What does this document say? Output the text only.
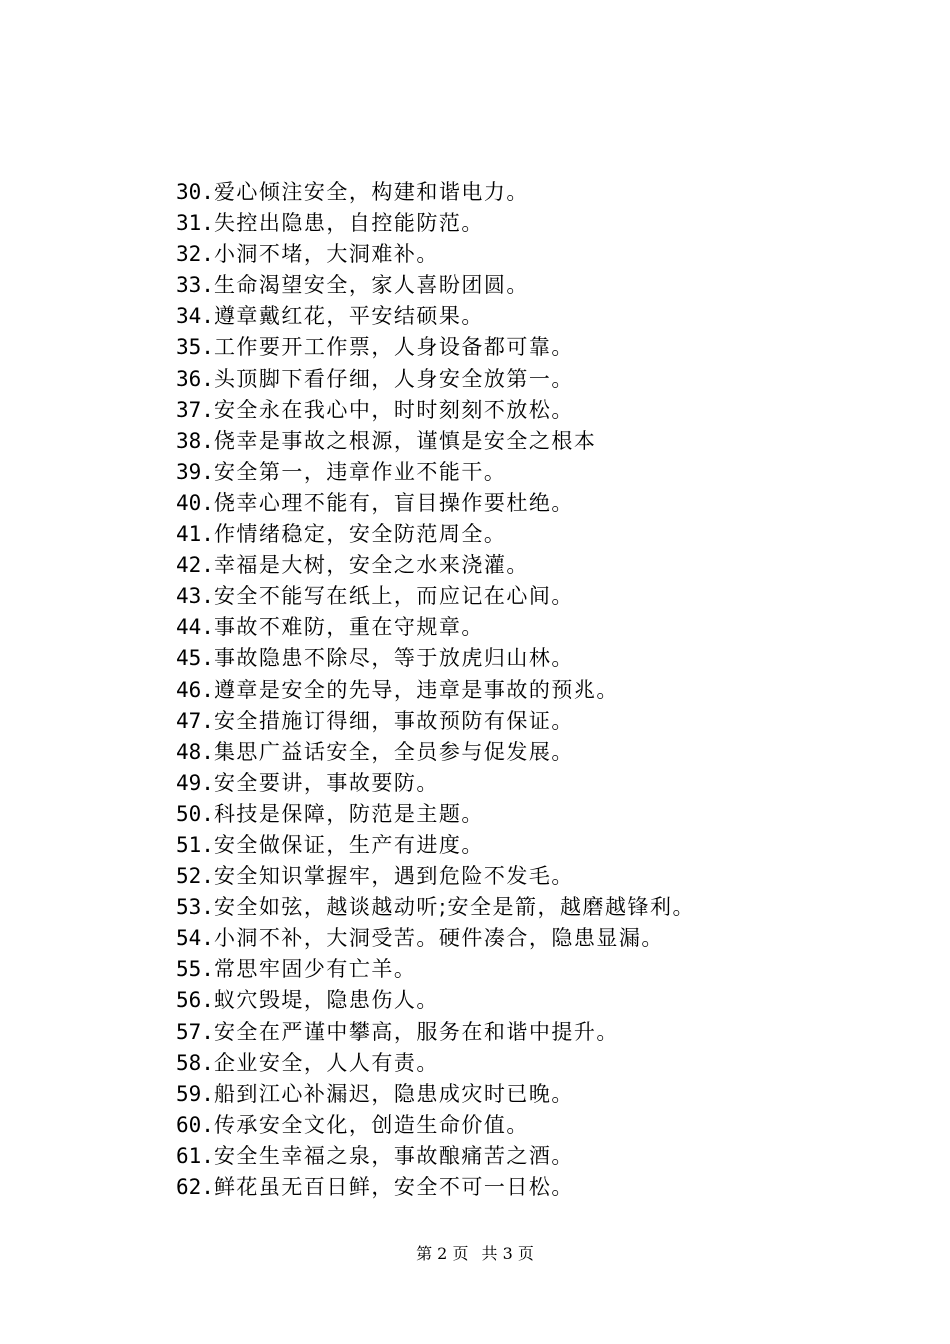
30.爱心倾注安全，构建和谐电力。
31.失控出隐患，自控能防范。
32.小洞不堵，大洞难补。
33.生命渴望安全，家人喜盼团圆。
34.遵章戴红花，平安结硕果。
35.工作要开工作票，人身设备都可靠。
36.头顶脚下看仔细，人身安全放第一。
37.安全永在我心中，时时刻刻不放松。
38.侥幸是事故之根源，谨慎是安全之根本
39.安全第一，违章作业不能干。
40.侥幸心理不能有，盲目操作要杜绝。
41.作情绪稳定，安全防范周全。
42.幸福是大树，安全之水来浇灌。
43.安全不能写在纸上，而应记在心间。
44.事故不难防，重在守规章。
45.事故隐患不除尽，等于放虎归山林。
46.遵章是安全的先导，违章是事故的预兆。
47.安全措施订得细，事故预防有保证。
48.集思广益话安全，全员参与促发展。
49.安全要讲，事故要防。
50.科技是保障，防范是主题。
51.安全做保证，生产有进度。
52.安全知识掌握牢，遇到危险不发毛。
53.安全如弦，越谈越动听;安全是箭，越磨越锋利。
54.小洞不补，大洞受苦。硬件凑合，隐患显漏。
55.常思牢固少有亡羊。
56.蚁穴毁堤，隐患伤人。
57.安全在严谨中攀高，服务在和谐中提升。
58.企业安全，人人有责。
59.船到江心补漏迟，隐患成灾时已晚。
60.传承安全文化，创造生命价值。
61.安全生幸福之泉，事故酿痛苦之酒。
62.鲜花虽无百日鲜，安全不可一日松。
第 2 页 共 3 页
